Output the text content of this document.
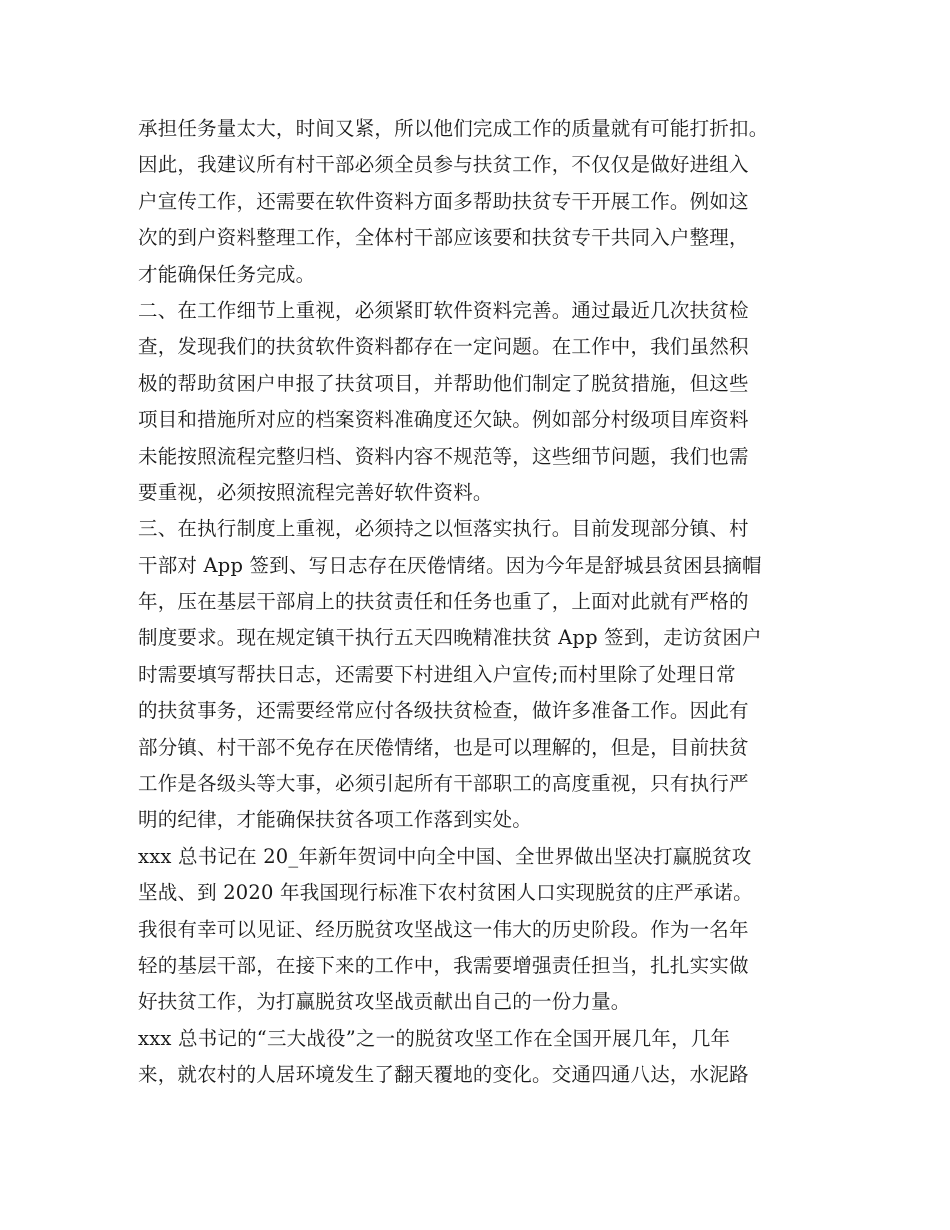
承担任务量太大，时间又紧，所以他们完成工作的质量就有可能打折扣。
因此，我建议所有村干部必须全员参与扶贫工作，不仅仅是做好进组入
户宣传工作，还需要在软件资料方面多帮助扶贫专干开展工作。例如这
次的到户资料整理工作，全体村干部应该要和扶贫专干共同入户整理，
才能确保任务完成。
二、在工作细节上重视，必须紧盯软件资料完善。通过最近几次扶贫检
查，发现我们的扶贫软件资料都存在一定问题。在工作中，我们虽然积
极的帮助贫困户申报了扶贫项目，并帮助他们制定了脱贫措施，但这些
项目和措施所对应的档案资料准确度还欠缺。例如部分村级项目库资料
未能按照流程完整归档、资料内容不规范等，这些细节问题，我们也需
要重视，必须按照流程完善好软件资料。
三、在执行制度上重视，必须持之以恒落实执行。目前发现部分镇、村
干部对 App 签到、写日志存在厌倦情绪。因为今年是舒城县贫困县摘帽
年，压在基层干部肩上的扶贫责任和任务也重了，上面对此就有严格的
制度要求。现在规定镇干执行五天四晚精准扶贫 App 签到，走访贫困户
时需要填写帮扶日志，还需要下村进组入户宣传;而村里除了处理日常
的扶贫事务，还需要经常应付各级扶贫检查，做许多准备工作。因此有
部分镇、村干部不免存在厌倦情绪，也是可以理解的，但是，目前扶贫
工作是各级头等大事，必须引起所有干部职工的高度重视，只有执行严
明的纪律，才能确保扶贫各项工作落到实处。
xxx 总书记在 20_年新年贺词中向全中国、全世界做出坚决打赢脱贫攻
坚战、到 2020 年我国现行标准下农村贫困人口实现脱贫的庄严承诺。
我很有幸可以见证、经历脱贫攻坚战这一伟大的历史阶段。作为一名年
轻的基层干部，在接下来的工作中，我需要增强责任担当，扎扎实实做
好扶贫工作，为打赢脱贫攻坚战贡献出自己的一份力量。
xxx 总书记的“三大战役”之一的脱贫攻坚工作在全国开展几年，几年
来，就农村的人居环境发生了翻天覆地的变化。交通四通八达，水泥路
